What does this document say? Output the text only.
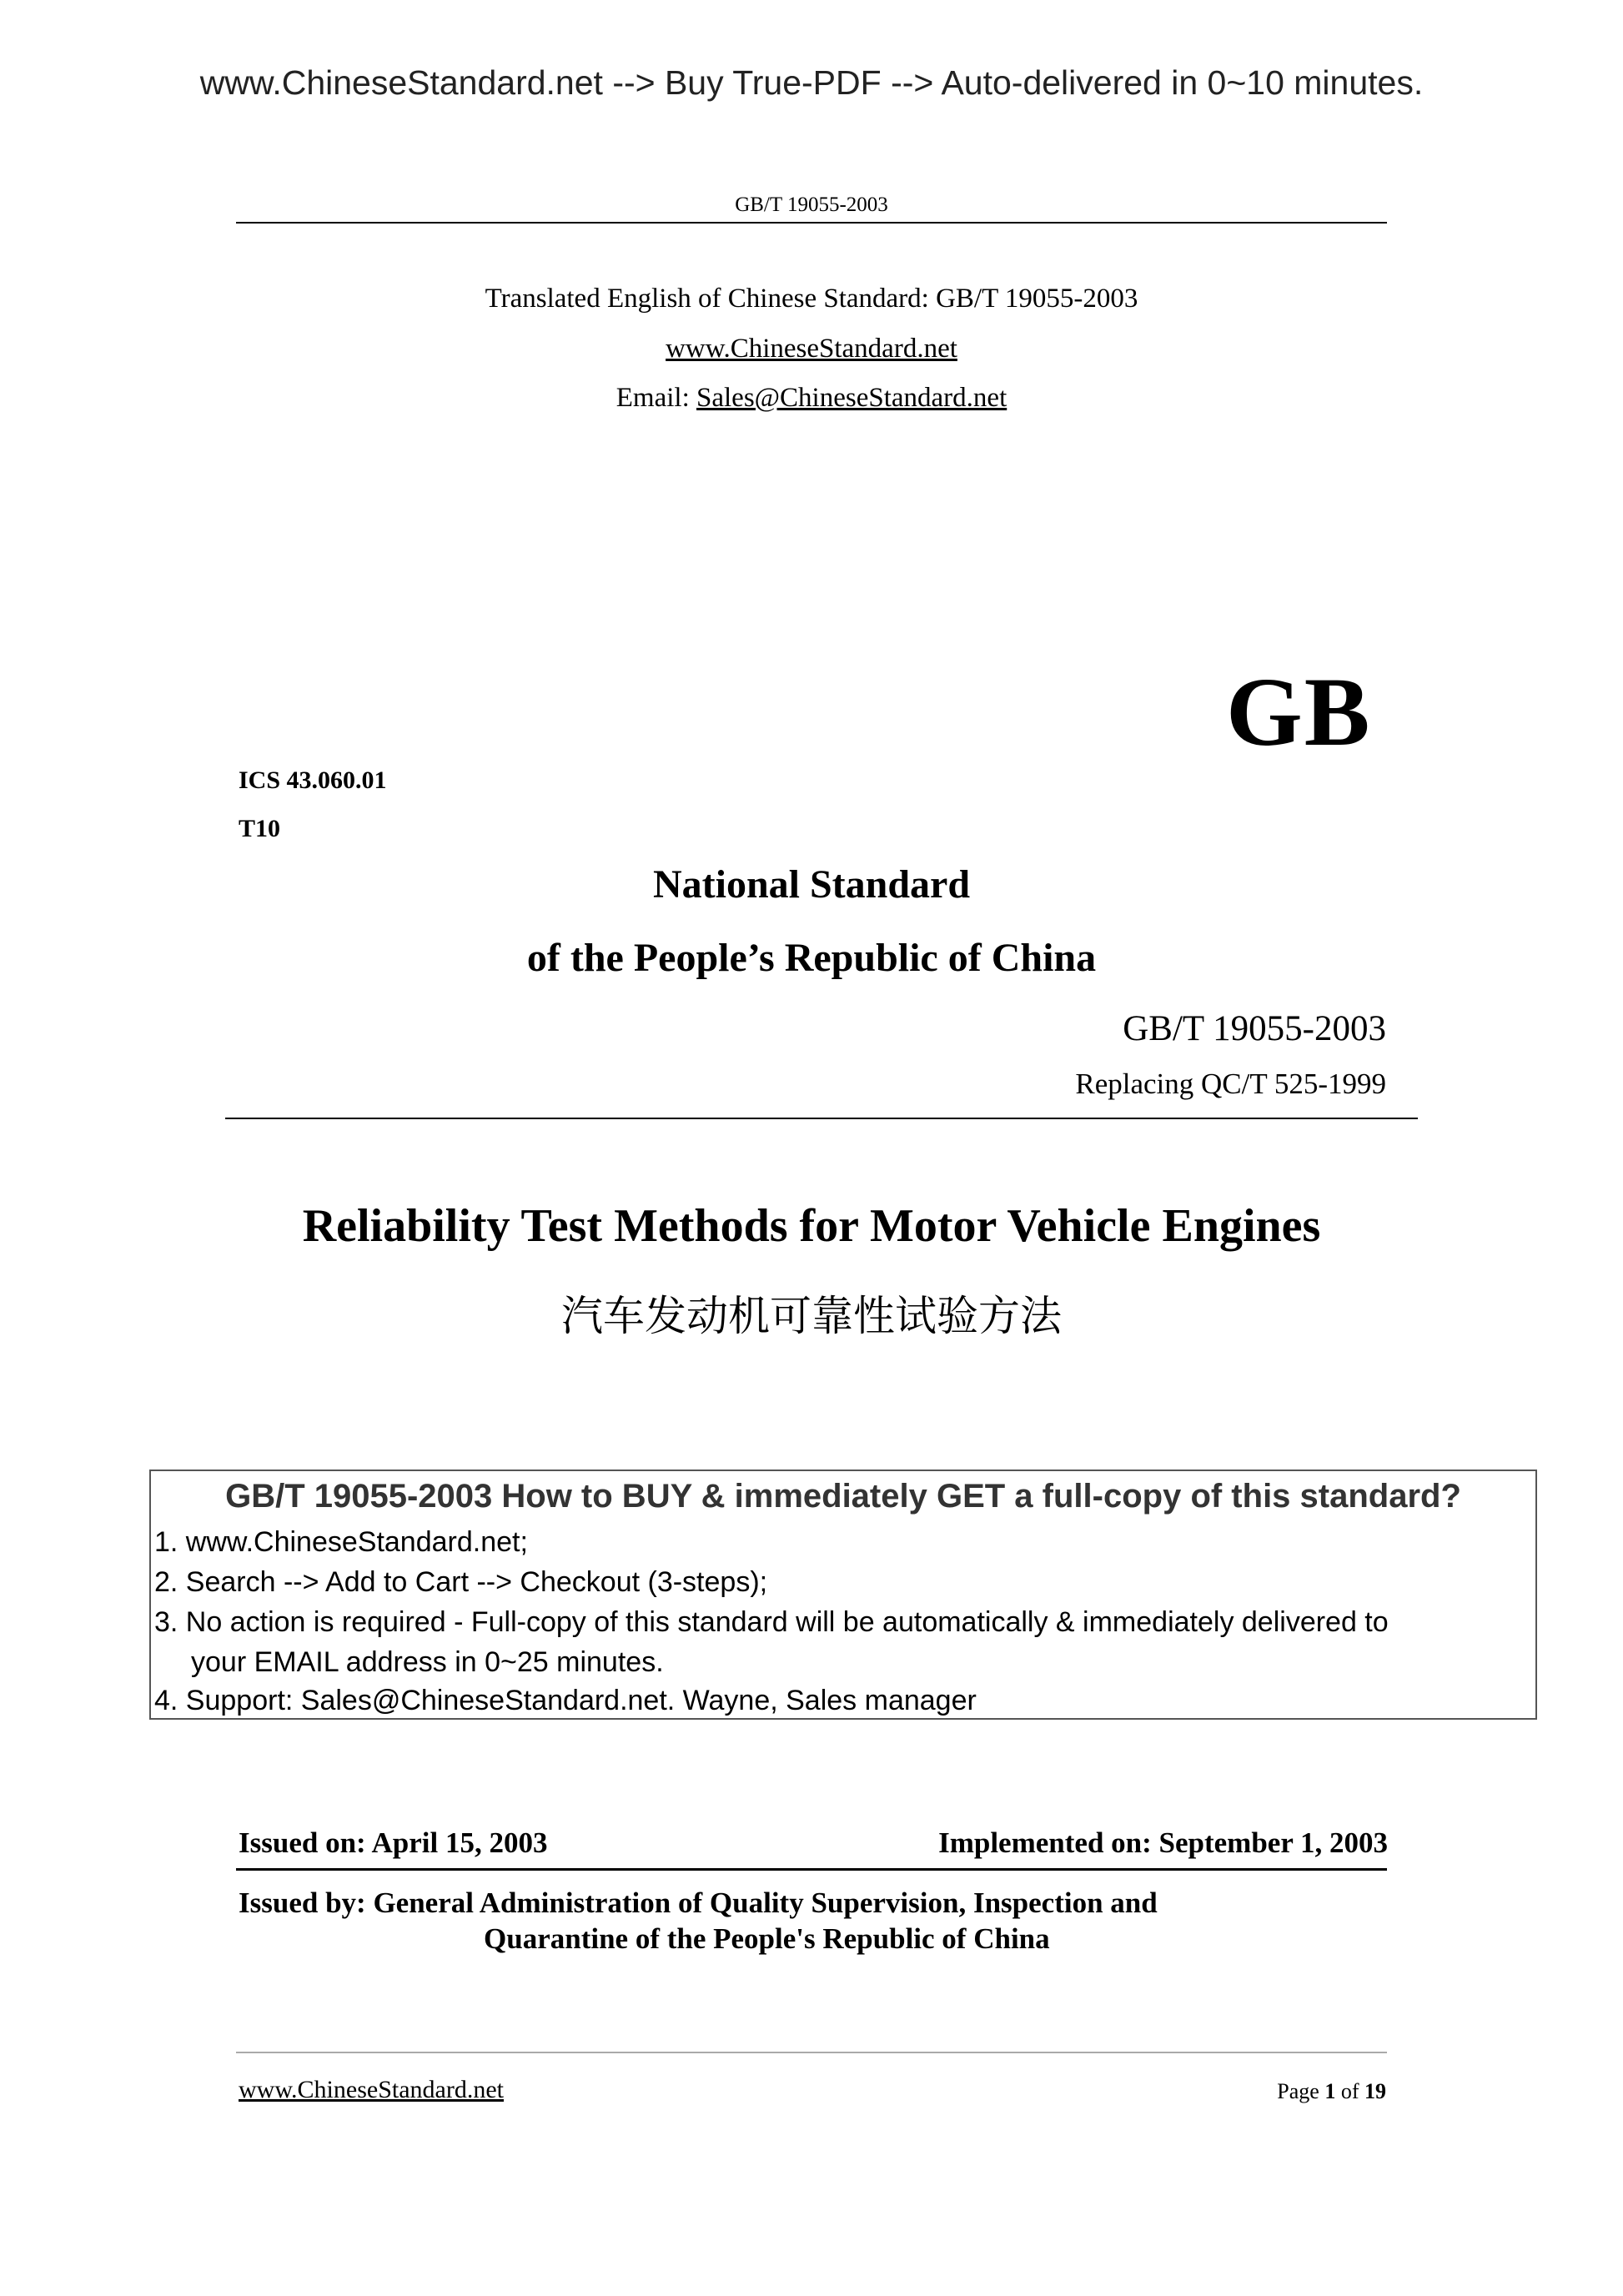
www.ChineseStandard.net --> Buy True-PDF --> Auto-delivered in 0~10 minutes.
GB/T 19055-2003
Translated English of Chinese Standard: GB/T 19055-2003
www.ChineseStandard.net
Email: Sales@ChineseStandard.net
GB
ICS 43.060.01
T10
National Standard
of the People’s Republic of China
GB/T 19055-2003
Replacing QC/T 525-1999
Reliability Test Methods for Motor Vehicle Engines
汽车发动机可靠性试验方法
GB/T 19055-2003 How to BUY & immediately GET a full-copy of this standard?
1. www.ChineseStandard.net;
2. Search --> Add to Cart --> Checkout (3-steps);
3. No action is required - Full-copy of this standard will be automatically & immediately delivered to
your EMAIL address in 0~25 minutes.
4. Support: Sales@ChineseStandard.net. Wayne, Sales manager
Issued on: April 15, 2003	Implemented on: September 1, 2003
Issued by: General Administration of Quality Supervision, Inspection and
Quarantine of the People's Republic of China
www.ChineseStandard.net	Page 1 of 19
